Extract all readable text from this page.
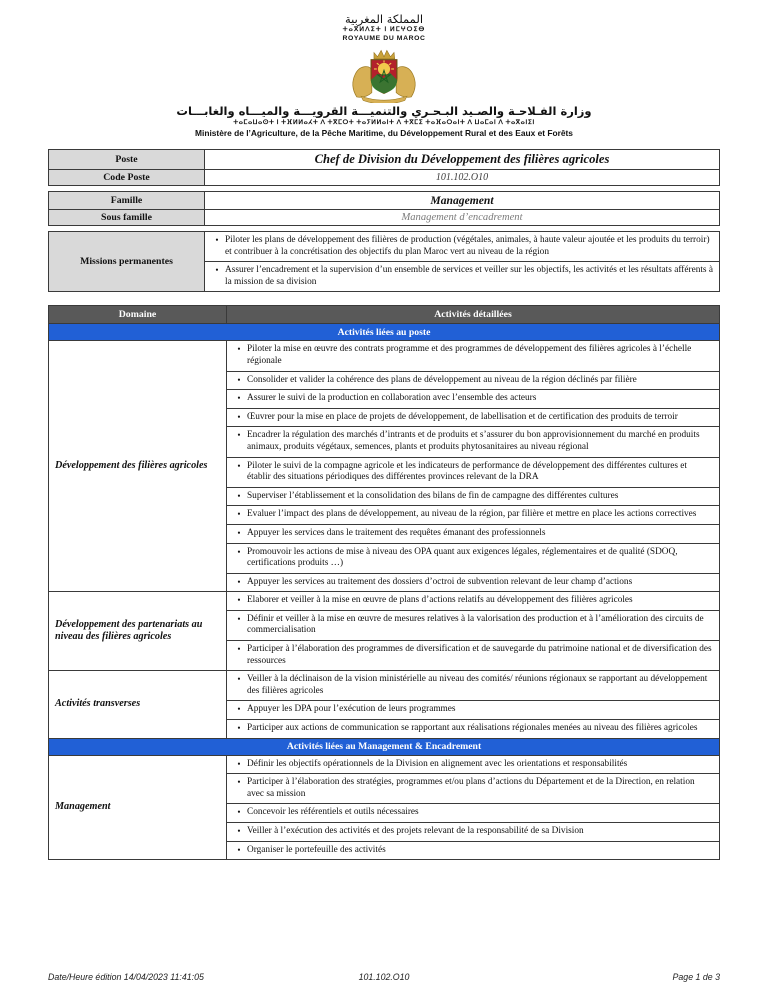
المملكة المغربية
ⵜⴰⴳⵍⴷⵉⵜ ⵏ ⵍⵎⵖⵔⵉⴱ
ROYAUME DU MAROC
وزارة الفـلاحـة والصـيد البـحـري والتنميـــة القرويـــة والميـــاه والغابـــات
ⵜⴰⵎⴰⵡⴰⵙⵜ ⵏ ⵜⴼⵍⵍⴰⵃⵜ ⴷ ⵜⴳⵎⵔⵜ ⵜⴰⵢⵍⵍⴰⵏⵜ ⴷ ⵜⴳⵎⵉ ⵜⴰⴼⴰⵔⴰⵏⵜ ⴷ ⵡⴰⵎⴰⵏ ⴷ ⵜⴰⴳⴰⵏⵉⵏ
Ministère de l’Agriculture, de la Pêche Maritime, du Développement Rural et des Eaux et Forêts
Poste	Chef de Division du Développement des filières agricoles
Code Poste	101.102.O10
Famille	Management
Sous famille	Management d’encadrement
Missions permanentes
• Piloter les plans de développement des filières de production (végétales, animales, à haute valeur ajoutée et les produits du terroir) et contribuer à la concrétisation des objectifs du plan Maroc vert au niveau de la région
• Assurer l’encadrement et la supervision d’un ensemble de services et veiller sur les objectifs, les activités et les résultats afférents à la mission de sa division
Domaine	Activités détaillées
Activités liées au poste
Développement des filières agricoles
• Piloter la mise en œuvre des contrats programme et des programmes de développement des filières agricoles à l’échelle régionale
• Consolider et valider la cohérence des plans de développement au niveau de la région déclinés par filière
• Assurer le suivi de la production en collaboration avec l’ensemble des acteurs
• Œuvrer pour la mise en place de projets de développement, de labellisation et de certification des produits de terroir
• Encadrer la régulation des marchés d’intrants et de produits et s’assurer du bon approvisionnement du marché en produits animaux, produits végétaux, semences, plants et produits phytosanitaires au niveau régional
• Piloter le suivi de la compagne agricole et les indicateurs de performance de développement des différentes cultures et établir des situations périodiques des différentes provinces relevant de la DRA
• Superviser l’établissement et la consolidation des bilans de fin de campagne des différentes cultures
• Evaluer l’impact des plans de développement, au niveau de la région, par filière et mettre en place les actions correctives
• Appuyer les services dans le traitement des requêtes émanant des professionnels
• Promouvoir les actions de mise à niveau des OPA quant aux exigences légales, réglementaires et de qualité (SDOQ, certifications produits …)
• Appuyer les services au traitement des dossiers d’octroi de subvention relevant de leur champ d’actions
Développement des partenariats au niveau des filières agricoles
• Elaborer et veiller à la mise en œuvre de plans d’actions relatifs au développement des filières agricoles
• Définir et veiller à la mise en œuvre de mesures relatives à la valorisation des production et à l’amélioration des circuits de commercialisation
• Participer à l’élaboration des programmes de diversification et de sauvegarde du patrimoine national et de diversification des ressources
Activités transverses
• Veiller à la déclinaison de la vision ministérielle au niveau des comités/ réunions régionaux se rapportant au développement des filières agricoles
• Appuyer les DPA pour l’exécution de leurs programmes
• Participer aux actions de communication se rapportant aux réalisations régionales menées au niveau des filières agricoles
Activités liées au Management & Encadrement
Management
• Définir les objectifs opérationnels de la Division en alignement avec les orientations et responsabilités
• Participer à l’élaboration des stratégies, programmes et/ou plans d’actions du Département et de la Direction, en relation avec sa mission
• Concevoir les référentiels et outils nécessaires
• Veiller à l’exécution des activités et des projets relevant de la responsabilité de sa Division
• Organiser le portefeuille des activités
Date/Heure édition 14/04/2023 11:41:05	101.102.O10	Page 1 de 3
